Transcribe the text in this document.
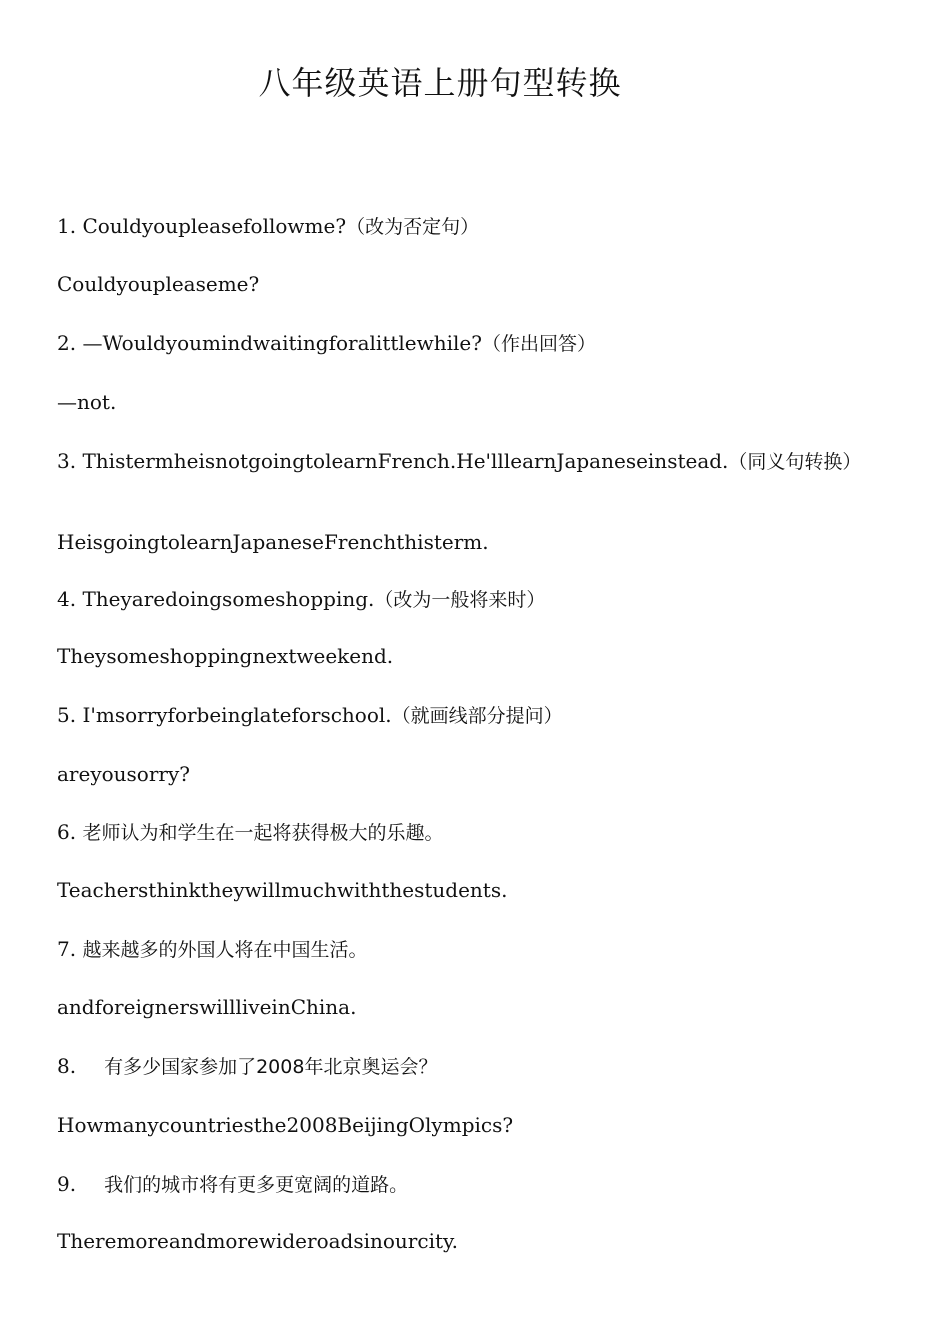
八年级英语上册句型转换
1. Couldyoupleasefollowme?（改为否定句）
Couldyoupleaseme?
2. —Wouldyoumindwaitingforalittlewhile?（作出回答）
—not.
3. ThistermheisnotgoingtolearnFrench.He'lllearnJapaneseinstead.（同义句转换）
HeisgoingtolearnJapaneseFrenchthisterm.
4. Theyaredoingsomeshopping.（改为一般将来时）
Theysomeshoppingnextweekend.
5. I'msorryforbeinglateforschool.（就画线部分提问）
areyousorry?
6. 老师认为和学生在一起将获得极大的乐趣。
Teachersthinktheywillmuchwiththestudents.
7. 越来越多的外国人将在中国生活。
andforeignerswillliveinChina.
8. 有多少国家参加了2008年北京奥运会？
Howmanycountriesthe2008BeijingOlympics?
9. 我们的城市将有更多更宽阔的道路。
Theremoreandmorewideroadsinourcity.
